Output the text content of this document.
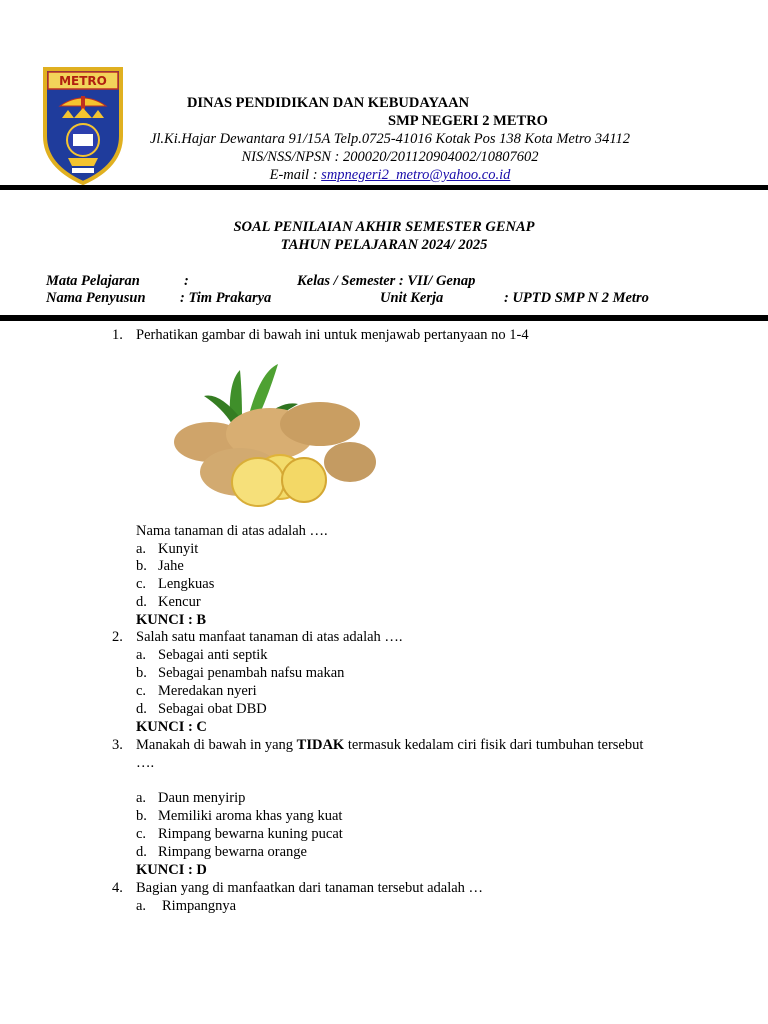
METRO
DINAS PENDIDIKAN DAN KEBUDAYAAN
SMP NEGERI 2 METRO
Jl.Ki.Hajar Dewantara 91/15A Telp.0725-41016 Kotak Pos 138 Kota Metro 34112
NIS/NSS/NPSN : 200020/201120904002/10807602
E-mail : smpnegeri2_metro@yahoo.co.id
SOAL PENILAIAN AKHIR SEMESTER GENAP
TAHUN PELAJARAN 2024/ 2025
Mata Pelajaran	:	Kelas / Semester : VII/ Genap
Nama Penyusun : Tim Prakarya	Unit Kerja	: UPTD SMP N 2 Metro
1. Perhatikan gambar di bawah ini untuk menjawab pertanyaan no 1-4
Nama tanaman di atas adalah ….
a. Kunyit
b. Jahe
c. Lengkuas
d. Kencur
KUNCI : B
2. Salah satu manfaat tanaman di atas adalah ….
a. Sebagai anti septik
b. Sebagai penambah nafsu makan
c. Meredakan nyeri
d. Sebagai obat DBD
KUNCI : C
3. Manakah di bawah in yang TIDAK termasuk kedalam ciri fisik dari tumbuhan tersebut
….
a. Daun menyirip
b. Memiliki aroma khas yang kuat
c. Rimpang bewarna kuning pucat
d. Rimpang bewarna orange
KUNCI : D
4. Bagian yang di manfaatkan dari tanaman tersebut adalah …
a. Rimpangnya
